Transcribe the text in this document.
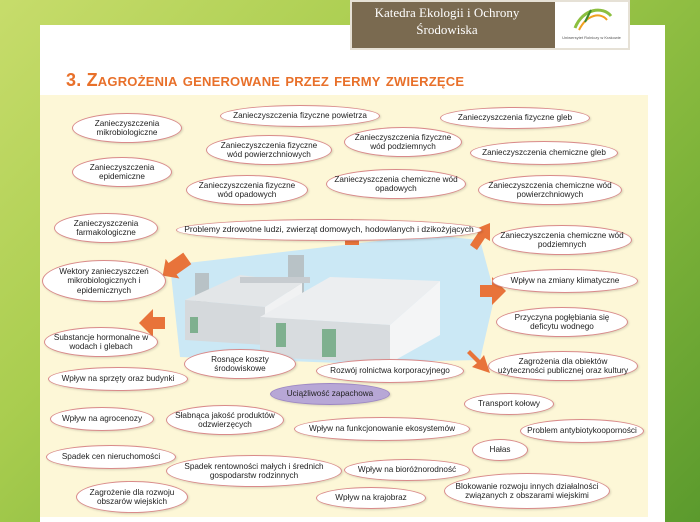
Katedra Ekologii i Ochrony Środowiska
Uniwersytet Rolniczy w Krakowie
3. Zagrożenia generowane przez fermy zwierzęce
Problemy zdrowotne ludzi, zwierząt domowych, hodowlanych i dzikożyjących
Zanieczyszczenia fizyczne powietrza	Zanieczyszczenia fizyczne gleb
Zanieczyszczenia mikrobiologiczne
Zanieczyszczenia fizyczne wód powierzchniowych
Zanieczyszczenia fizyczne wód podziemnych
Zanieczyszczenia chemiczne gleb
Zanieczyszczenia epidemiczne
Zanieczyszczenia fizyczne wód opadowych
Zanieczyszczenia chemiczne wód opadowych	Zanieczyszczenia chemiczne wód powierzchniowych
Zanieczyszczenia farmakologiczne	Zanieczyszczenia chemiczne wód podziemnych
Wektory zanieczyszczeń mikrobiologicznych i epidemicznych
Wpływ na zmiany klimatyczne
Przyczyna pogłębiania się deficytu wodnego
Substancje hormonalne w wodach i glebach
Rosnące koszty środowiskowe
Zagrożenia dla obiektów użyteczności publicznej oraz kultury
Wpływ na sprzęty oraz budynki
Rozwój rolnictwa korporacyjnego
Uciążliwość zapachowa
Transport kołowy
Wpływ na agrocenozy	Słabnąca jakość produktów odzwierzęcych	Wpływ na funkcjonowanie ekosystemów	Problem antybiotykooporności
Spadek cen nieruchomości
Hałas
Spadek rentowności małych i średnich gospodarstw rodzinnych
Wpływ na bioróżnorodność
Zagrożenie dla rozwoju obszarów wiejskich	Wpływ na krajobraz
Blokowanie rozwoju innych działalności związanych z obszarami wiejskimi
